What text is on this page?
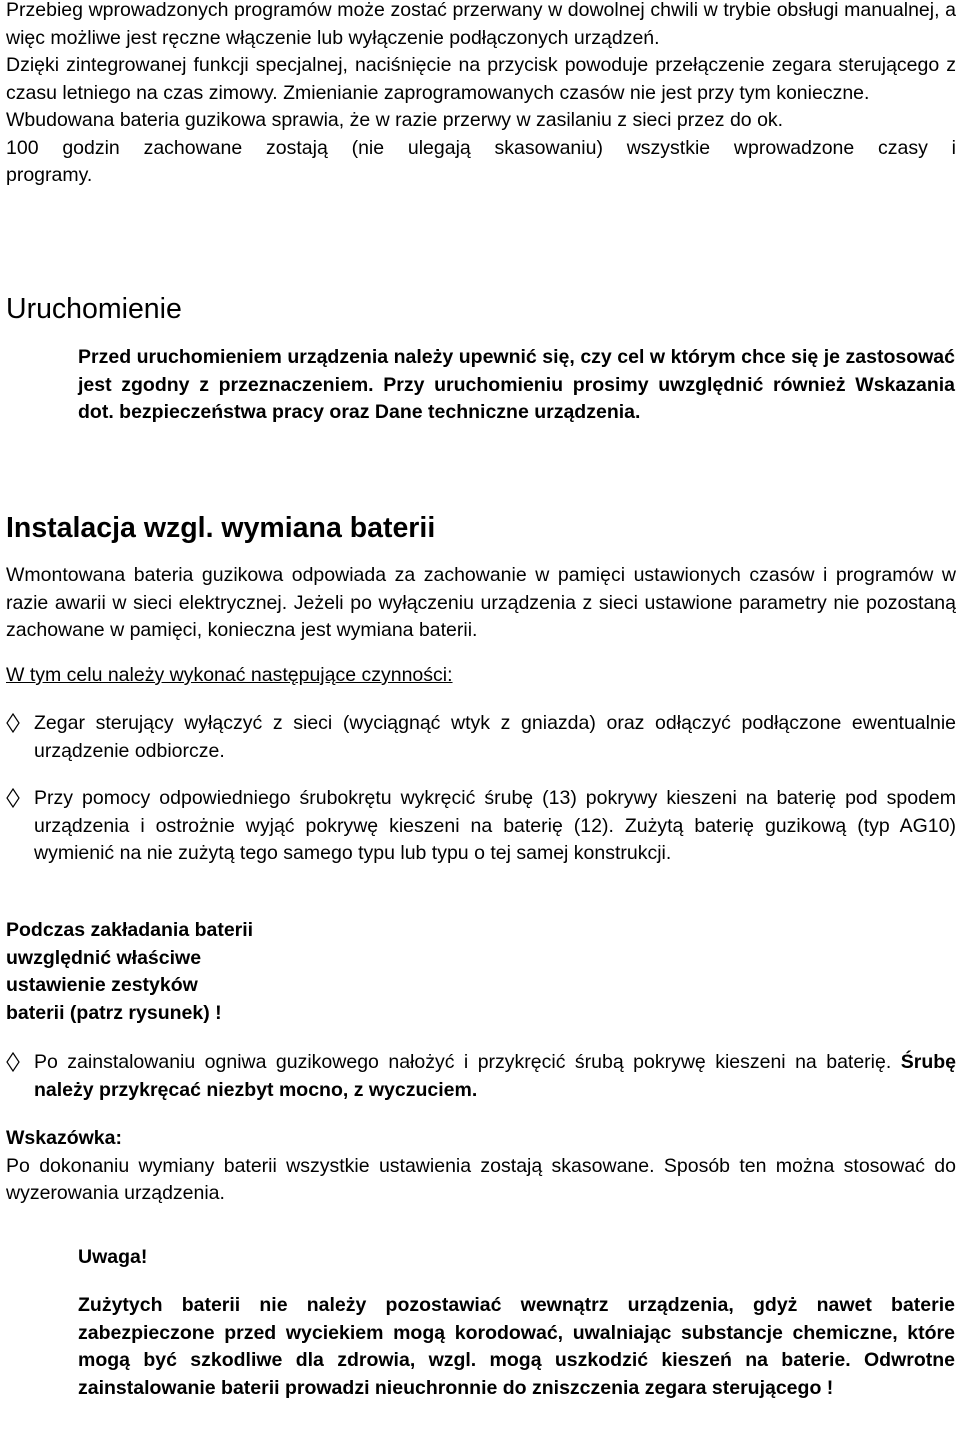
Przebieg wprowadzonych programów może zostać przerwany w dowolnej chwili w trybie obsługi manualnej, a więc możliwe jest ręczne włączenie lub wyłączenie podłączonych urządzeń.

Dzięki zintegrowanej funkcji specjalnej, naciśnięcie na przycisk powoduje przełączenie zegara sterującego z czasu letniego na czas zimowy. Zmienianie zaprogramowanych czasów nie jest przy tym konieczne.

Wbudowana bateria guzikowa sprawia, że w razie przerwy w zasilaniu z sieci przez do ok.

100 godzin zachowane zostają (nie ulegają skasowaniu) wszystkie wprowadzone czasy i

programy.

Uruchomienie

Przed uruchomieniem urządzenia należy upewnić się, czy cel w którym chce się je zastosować jest zgodny z przeznaczeniem. Przy uruchomieniu prosimy uwzględnić również Wskazania dot. bezpieczeństwa pracy oraz Dane techniczne urządzenia.

Instalacja wzgl. wymiana baterii

Wmontowana bateria guzikowa odpowiada za zachowanie w pamięci ustawionych czasów i programów w razie awarii w sieci elektrycznej. Jeżeli po wyłączeniu urządzenia z sieci ustawione parametry nie pozostaną zachowane w pamięci, konieczna jest wymiana baterii.

W tym celu należy wykonać następujące czynności:

Zegar sterujący wyłączyć z sieci (wyciągnąć wtyk z gniazda) oraz odłączyć podłączone ewentualnie urządzenie odbiorcze.

Przy pomocy odpowiedniego śrubokrętu wykręcić śrubę (13) pokrywy kieszeni na baterię pod spodem urządzenia i ostrożnie wyjąć pokrywę kieszeni na baterię (12). Zużytą baterię guzikową (typ AG10) wymienić na nie zużytą tego samego typu lub typu o tej samej konstrukcji.

Podczas zakładania baterii
uwzględnić właściwe
ustawienie zestyków
baterii (patrz rysunek) !

Po zainstalowaniu ogniwa guzikowego nałożyć i przykręcić śrubą pokrywę kieszeni na baterię. Śrubę należy przykręcać niezbyt mocno, z wyczuciem.

Wskazówka:

Po dokonaniu wymiany baterii wszystkie ustawienia zostają skasowane. Sposób ten można stosować do wyzerowania urządzenia.

Uwaga!

Zużytych baterii nie należy pozostawiać wewnątrz urządzenia, gdyż nawet baterie zabezpieczone przed wyciekiem mogą korodować, uwalniając substancje chemiczne, które mogą być szkodliwe dla zdrowia, wzgl. mogą uszkodzić kieszeń na baterie. Odwrotne zainstalowanie baterii prowadzi nieuchronnie do zniszczenia zegara sterującego !
